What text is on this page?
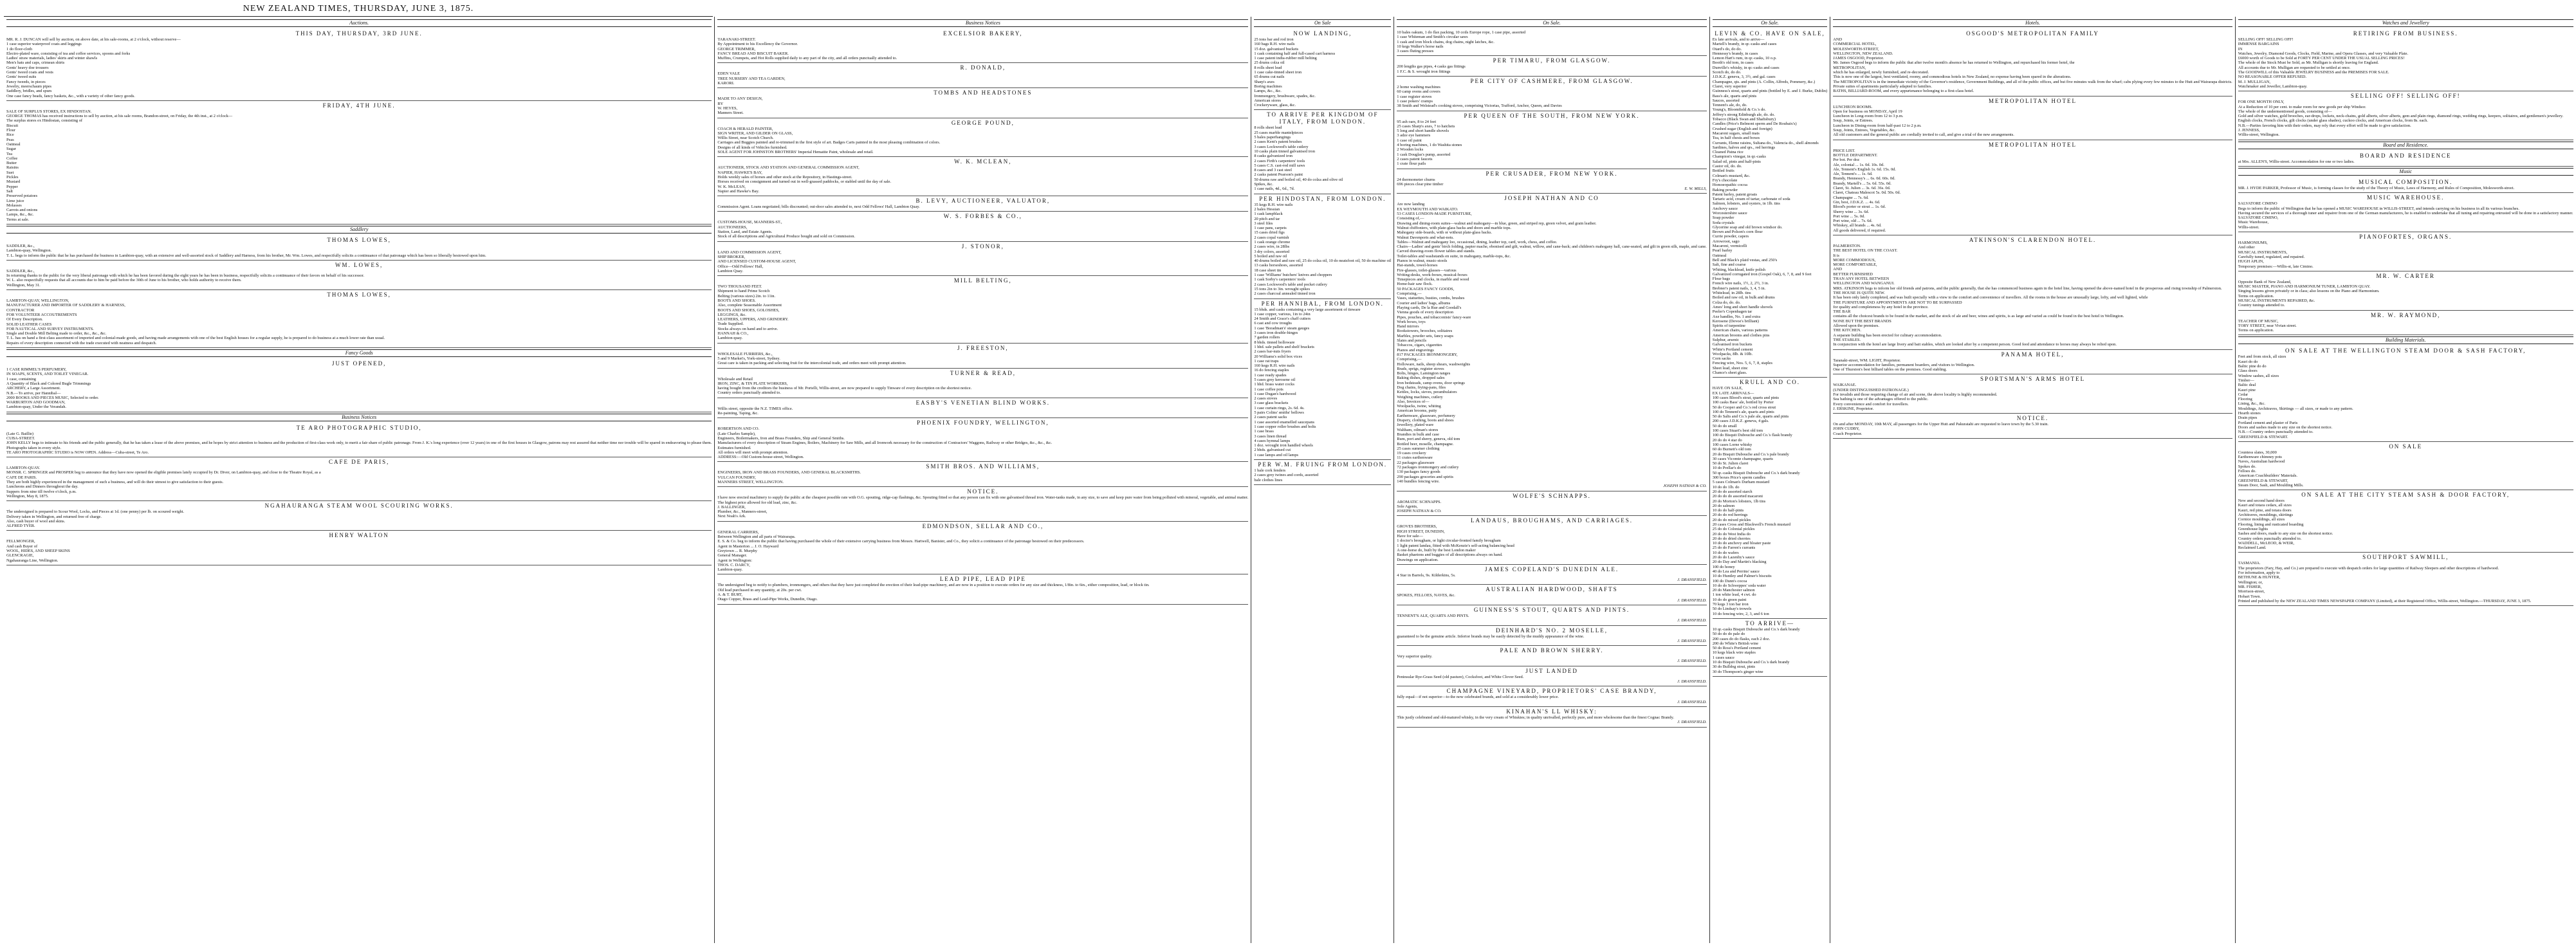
NEW ZEALAND TIMES, THURSDAY, JUNE 3, 1875.
Auctions.
THIS DAY, THURSDAY, 3RD JUNE.

MR. R. J. DUNCAN will sell by auction, on above date, at his sale-rooms, at 2 o'clock, without reserve—

1 case superior waterproof coats and leggings

1 do floor-cloth

Electro-plated ware, consisting of tea and coffee services, spoons and forks

Ladies' straw materials, ladies' skirts and winter shawls

Men's hats and caps, crimean shirts

Gents' heavy doe trousers

Gents' tweed coats and vests

Gents' tweed suits

Fancy tweeds, in pieces

Jewelry, meerschaum pipes

Saddlery, bridles, and spurs

One case fancy beads, fancy baskets, &c., with a variety of other fancy goods.

FRIDAY, 4TH JUNE.

SALE OF SURPLUS STORES, EX HINDOSTAN.

GEORGE THOMAS has received instructions to sell by auction, at his sale rooms, Brandon-street, on Friday, the 4th inst., at 2 o'clock—

The surplus stores ex Hindostan, consisting of

Biscuit

Flour

Rice

Peas

Oatmeal

Sugar

Tea

Coffee

Butter

Raisins

Suet

Pickles

Mustard

Pepper

Salt

Preserved potatoes

Lime juice

Molasses

Carrots and onions

Lamps, &c., &c.

Terms at sale.

Saddlery
THOMAS LOWES,

SADDLER, &c.,

Lambton-quay, Wellington.

T. L. begs to inform the public that he has purchased the business in Lambton-quay, with an extensive and well-assorted stock of Saddlery and Harness, from his brother, Mr. Wm. Lowes, and respectfully solicits a continuance of that patronage which has been so liberally bestowed upon him.

WM. LOWES,

SADDLER, &c.,

In returning thanks to the public for the very liberal patronage with which he has been favored during the eight years he has been in business, respectfully solicits a continuance of their favors on behalf of his successor.

W. L. also respectfully requests that all accounts due to him be paid before the 30th of June to his brother, who holds authority to receive them.

Wellington, May 31.

THOMAS LOWES,

LAMBTON-QUAY, WELLINGTON,

MANUFACTURER AND IMPORTER OF SADDLERY & HARNESS,

CONTRACTOR

FOR VOLUNTEER ACCOUTREMENTS

Of Every Description.

SOLID LEATHER CASES

FOR NAUTICAL AND SURVEY INSTRUMENTS.

Single and Double Mill Belting made to order, &c., &c., &c.

T. L. has on hand a first-class assortment of imported and colonial-made goods, and having made arrangements with one of the best English houses for a regular supply, he is prepared to do business at a much lower rate than usual.

Repairs of every description connected with the trade executed with neatness and despatch.

Fancy Goods
JUST OPENED,

1 CASE RIMMEL'S PERFUMERY,

IN SOAPS, SCENTS, AND TOILET VINEGAR.

1 case, containing

A Quantity of Black and Colored Bugle Trimmings

ARCHERY, a Large Assortment.

N.B.—To arrive, per Hannibal—

2000 BOOKS AND PIECES MUSIC, Selected to order.

WARBURTON AND GOODMAN,

Lambton-quay, Under the Verandah.

Business Notices
TE ARO PHOTOGRAPHIC STUDIO,

(Late G. Baillie)

CUBA-STREET.

JOHN KELLY begs to intimate to his friends and the public generally, that he has taken a lease of the above premises, and he hopes by strict attention to business and the production of first-class work only, to merit a fair share of public patronage. From J. K.'s long experience (over 12 years) in one of the first houses in Glasgow, patrons may rest assured that neither time nor trouble will be spared in endeavoring to please them.

Photographs taken in every style.

TE ARO PHOTOGRAPHIC STUDIO is NOW OPEN. Address—Cuba-street, Te Aro.

CAFE DE PARIS,

LAMBTON-QUAY.

MONSR. C. SPRINGER and PROSPER beg to announce that they have now opened the eligible premises lately occupied by Dr. Diver, on Lambton-quay, and close to the Theatre Royal, as a

CAFE DE PARIS.

They are both highly experienced in the management of such a business, and will do their utmost to give satisfaction to their guests.

Luncheons and Dinners throughout the day.

Suppers from nine till twelve o'clock, p.m.

Wellington, May 8, 1875.

NGAHAURANGA STEAM WOOL SCOURING WORKS.

The undersigned is prepared to Scour Wool, Locks, and Pieces at 1d. (one penny) per lb. on scoured weight.

Delivery taken in Wellington, and returned free of charge.

Also, cash buyer of wool and skins.

ALFRED TYER.

HENRY WALTON

FELLMONGER,

And cash Buyer of

WOOL, HIDES, AND SHEEP SKINS

GLENCRAGIE,

Ngahauranga Line, Wellington.

Business Notices
EXCELSIOR BAKERY,

TARANAKI-STREET.

By Appointment to his Excellency the Governor.

GEORGE TRIMMER,

FANCY BREAD AND BISCUIT BAKER.

Muffins, Crumpets, and Hot Rolls supplied daily to any part of the city, and all orders punctually attended to.

R. DONALD,

EDEN VALE

TREE NURSERY AND TEA GARDEN,

KARORI.

TOMBS AND HEADSTONES

MADE TO ANY DESIGN,

BY

W. HEYES,

Manners Street.

GEORGE POUND,

COACH & HERALD PAINTER,

SIGN WRITER, AND GILDER ON GLASS,

Willis Street, near Scotch Church.

Carriages and Buggies painted and re-trimmed in the first style of art. Badges Carts painted in the most pleasing combination of colors.

Designs of all kinds of Vehicles furnished.

SOLE AGENT FOR JOHNSTON BROTHERS' Imperial Hematite Paint, wholesale and retail.

W. K. MCLEAN,

AUCTIONEER, STOCK AND STATION AND GENERAL COMMISSION AGENT,

NAPIER, HAWKE'S BAY,

Holds weekly sales of horses and other stock at the Repository, in Hastings-street.

Horses received on consignment and turned out in well-grassed paddocks, or stabled until the day of sale.

W. K. McLEAN,

Napier and Hawke's Bay.

B. LEVY, AUCTIONEER, VALUATOR,

Commission Agent. Loans negotiated; bills discounted; out-door sales attended to, next Odd Fellows' Hall, Lambton Quay.

W. S. FORBES & CO.,

CUSTOMS-HOUSE, MANNERS-ST.,

AUCTIONEERS,

Station, Land, and Estate Agents.

Stock of all descriptions and Agricultural Produce bought and sold on Commission.

J. STONOR,

LAND AND COMMISSION AGENT,

SHIP BROKER,

AND LICENSED CUSTOM-HOUSE AGENT,

Office—Odd Fellows' Hall,

Lambton Quay.

MILL BELTING,

TWO THOUSAND FEET.

Shipment to hand Prime Scotch

Belting (various sizes) 2in. to 11in.

BOOTS AND SHOES.

Also, complete Seasonable Assortment

BOOTS AND SHOES, GOLOSHES,

LEGGINGS, &c.

LEATHERS, UPPERS, AND GRINDERY.

Trade Supplied.

Stocks always on hand and to arrive.

HANNAH & CO.,

Lambton-quay.

J. FREESTON,

WHOLESALE FURRIERS, &c.,

5 and 9 Market's, York-street, Sydney.

Great care is taken in packing and selecting fruit for the intercolonial trade, and orders meet with prompt attention.

TURNER & READ,

Wholesale and Retail

IRON, ZINC, & TIN PLATE WORKERS,

having bought from the creditors the business of Mr. Portelli, Willis-street, are now prepared to supply Tinware of every description on the shortest notice.

Country orders punctually attended to.

EASBY'S VENETIAN BLIND WORKS.

Willis street, opposite the N.Z. TIMES office.

Re-painting, Taping, &c.

PHOENIX FOUNDRY, WELLINGTON,

ROBERTSON AND CO.

(Late Charles Sample),

Engineers, Boilermakers, Iron and Brass Founders, Ship and General Smiths.

Manufacturers of every description of Steam Engines, Boilers, Machinery for Saw Mills, and all Ironwork necessary for the construction of Contractors' Waggons, Railway or other Bridges, &c., &c., &c.

Estimates furnished.

All orders will meet with prompt attention.

ADDRESS:—Old Custom-house-street, Wellington.

SMITH BROS. AND WILLIAMS,

ENGINEERS, IRON AND BRASS FOUNDERS, AND GENERAL BLACKSMITHS.

VULCAN FOUNDRY,

MANNERS STREET, WELLINGTON.

NOTICE.

I have now erected machinery to supply the public at the cheapest possible rate with O.G. spouting, ridge-cap flashings, &c. Spouting fitted so that any person can fix with one galvanised thread iron. Water-tanks made, in any size, to save and keep pure water from being polluted with mineral, vegetable, and animal matter.

The highest price allowed for old lead, zinc, &c.

J. BALLINGER,

Plumber, &c., Manners-street,

Next Noah's Ark.

EDMONDSON, SELLAR AND CO.,

GENERAL CARRIERS,

Between Wellington and all parts of Wairarapa.

E. S. & Co. beg to inform the public that having purchased the whole of their extensive carrying business from Messrs. Hartwell, Banister, and Co., they solicit a continuance of the patronage bestowed on their predecessors.

Agent in Masterton ... J. O. Hayward

Greytown ... R. Murphy

General Manager.

Agent in Wellington:

THOS. C. DARCY,

Lambton-quay.

LEAD PIPE, LEAD PIPE

The undersigned beg to notify to plumbers, ironmongers, and others that they have just completed the erection of their lead-pipe machinery, and are now in a position to execute orders for any size and thickness, 1/8in. to 6in., either composition, lead, or block tin.

Old lead purchased in any quantity, at 20s. per cwt.

A. & T. BURT,

Otago Copper, Brass and Lead-Pipe Works, Dunedin, Otago.

On Sale
NOW LANDING,

25 tons bar and rod iron

160 bags R.H. wire nails

15 doz. galvanised buckets

1 cask containing half and full-cased cart harness

1 case patent india-rubber mill belting

25 drums colza oil

8 rolls sheet lead

1 case cake-tinned sheet iron

65 drums cut nails

Sharp's axes

Boring machines

Lamps, &c., &c.

Ironmongery, brushware, spades, &c.

American stores

Crockeryware, glass, &c.

TO ARRIVE PER KINGDOM OF ITALY, FROM LONDON.

8 rolls sheet lead

25 cases marble mantelpieces

5 bales paperhangings

2 cases Kent's patent brushes

3 cases Lockwood's table cutlery

10 casks plain tinned galvanised iron

8 casks galvanized iron

2 cases Firth's carpenters' tools

5 cases C.S. cast-rod mill saws

8 cases and 3 cast steel

2 casks patent Pearson's paint

50 drums raw and boiled oil, 40 do colza and olive oil

Spikes, &c.

1 case nails, 4d., 6d., 7d.

PER HINDOSTAN, FROM LONDON.

35 kegs R.H. wire nails

2 bales Hessian

1 cask lampblack

20 pitch and tar

3 steel files

1 case pans, carpets

15 cases dried figs

2 cases copal varnish

1 cask orange chrome

2 cases wire, in 28lbs

3 dry colors, assorted

5 boiled and raw oil

40 drums boiled and raw oil, 25 do colza oil, 10 do neatsfoot oil, 50 do machine oil

13 casks horseshoes, assorted

18 case sheet tin

1 case 'Williams' butchers' knives and choppers

1 cask Sorby's carpenters' tools

2 cases Lockwood's table and pocket cutlery

15 tons 2in to 3in. wrought spikes

2 cases charcoal annealed tinned iron

PER HANNIBAL, FROM LONDON.

15 bhds. and casks containing a very large assortment of tinware

1 case copper, various, 1in to 24in

24 Smith and Grace's chaff cutters

6 cast and cow troughs

1 case 'Boradman's' steam gauges

3 cases iron double-hinges

7 garden rollers

8 bhds. tinned holloware

1 hhd. sale pallets and shelf brackets

2 cases bar-nuts fryers

20 Williams's solid box vices

1 case rat traps

160 kegs R.H. wire nails

16 do fencing staples

1 case ready spades

5 cases grey kerosene oil

1 hhd. brass water cocks

1 case coffee pots

1 case Dugan's hardwood

2 cases stoves

3 case glass brackets

1 case curtain rings, 2s. 6d. 4s.

5 pairs Colins' smiths' bellows

2 cases patent sacks

1 case assorted enamelled saucepans

1 case copper roller brushes and bolts

1 case brass

3 cases linen thread

4 cases hymnal lamps

1 doz. wrought iron handled wheels

2 bhds. galvanised cut

1 case lamps and oil lamps

PER W.M. FRUING FROM LONDON.

1 bale cork fenders

2 cases grey twines and cords, assorted

bale clothes lines

On Sale.

10 bales oakum, 1 do flax packing, 10 coils Europe rope, 1 case pipe, assorted

1 case Whiteman and Smith's circular saws

1 cask and iron block chains, dog chains, night latches, &c.

10 kegs Walker's horse nails

3 cases fluting presses

PER TIMARU, FROM GLASGOW.

200 lengths gas pipes, 4 casks gas fittings

1 F.C. & S. wrought iron fittings

PER CITY OF CASHMERE, FROM GLASGOW.

2 home washing machines

60 camp ovens and covers

1 case register stoves

1 case pokers' cramps

38 Smith and Welstead's cooking stoves, comprising Victorias, Trafford, Anchor, Queen, and Davies

PER QUEEN OF THE SOUTH, FROM NEW YORK.

95 ash oars, 8 to 24 feet

25 cases Sharp's axes, 7 to hatchets

5 long and short handle shovels

3 adze eye hammers

1 case oil paint

4 boring machines, 1 do Washita stones

2 Wooden locks

1 cask Douglas's pump, assorted

2 cases patent faucets

1 crate flour pails

PER CRUSADER, FROM NEW YORK.

24 thermometer churns

696 pieces clear pine timber

E. W. MILLS,
JOSEPH NATHAN AND CO

Are now landing

EX WEYMOUTH AND WAIKATO.

53 CASES LONDON-MADE FURNITURE,

Consisting of,—

Drawing and dining-room suites—walnut and mahogany—in blue, green, and striped rep, green velvet, and grain leather.

Walnut chiffoniers, with plate-glass backs and doors and marble tops.

Mahogany side-boards, with or without plate-glass backs.

Walnut Davenports and what-nots.

Tables—Walnut and mahogany loo, occasional, dining, leather top, card, work, chess, and coffee.

Chairs—Ladies' and gents' birch folding, papier mache, ebonised and gilt, walnut, willow, and cane-back; and children's mahogany hall, cane-seated, and gilt in green silk, maple, and cane.

Carved drawing-room flower tables and stands.

Toilet-tables and washstands en suite, in mahogany, marble-tops, &c.

Pianos in walnut, music-stools

Hat-stands, towel-horses

Fire-glasses, toilet-glasses—various

Writing-desks, work-boxes, musical-boxes

Timepieces and clocks, in marble and wood

Home-hair saw flock.

50 PACKAGES FANCY GOODS,

Comprising,—

Vases, statuettes, busties, combs, brushes

Courier and ladies' bags, albums

Playing cards, De la Rue and Goodall's

Vienna goods of every description

Pipes, pouches, and tobacconists' fancy-ware

Work boxes, toys

Hand mirrors

Bookstowers, brooches, solitaires

Marbles, powder sets, fancy soaps

Slates and pencils

Tobaccos, cigars, cigarettes

Pianos and engravings

817 PACKAGES IRONMONGERY,

Comprising,—

Holloware, nails, sheep shears, washweights

Brads, sprigs, register stoves

Bolts, hinges, Lamington ranges

Baking dishes, dropped sales

Iron bedsteads, camp ovens, door springs

Dog chains, frying-pans, files

Kettles, locks, sieves, perambulators

Weighing machines, cutlery

Also, Invoices of—

Woolpacks, twine, whiting

American brooms, putty

Earthenware, glassware, perfumery

Drapery, clothing, boots and shoes

Jewellery, plated ware

Waltham, oilman's stores

Brandies in bulk and case

Rum, port and sherry, geneva, old tom

Bottled beer, moselle, champagne.

25 cases summer clothing

19 cases crockery

11 crates earthenware

22 packages glassware

72 packages ironmongery and cutlery

130 packages fancy goods

290 packages groceries and spirits

140 bundles fencing wire.

JOSEPH NATHAN & CO.
WOLFE'S SCHNAPPS.

AROMATIC SCHNAPPS.

Sole Agents,

JOSEPH NATHAN & CO.

LANDAUS, BROUGHAMS, AND CARRIAGES.

GROVES BROTHERS,

HIGH STREET, DUNEDIN,

Have for sale—

1 doctor's brougham, or light circular-fronted family brougham

1 light patent landau, fitted with McKenzie's self-acting balancing head

A one-horse do, built by the best London maker

Basket phaetons and buggies of all descriptions always on hand.

Drawings on application.

JAMES COPELAND'S DUNEDIN ALE.

4 Star in Barrels, 9s. Kilderkins, 5s.

J. DRANSFIELD.
AUSTRALIAN HARDWOOD, SHAFTS

SPOKES, FELLOES, NAVES, &c.

J. DRANSFIELD.
GUINNESS'S STOUT, QUARTS AND PINTS.

TENNENT'S ALE, QUARTS AND PINTS.

J. DRANSFIELD.
DEINHARD'S NO. 2 MOSELLE,

guaranteed to be the genuine article. Inferior brands may be easily detected by the muddy appearance of the wine.

J. DRANSFIELD.
PALE AND BROWN SHERRY.

Very superior quality.

J. DRANSFIELD.
JUST LANDED

Peninsular Rye-Grass Seed (old pasture), Cocksfoot, and White Clover Seed.

J. DRANSFIELD.
CHAMPAGNE VINEYARD, PROPRIETORS' CASE BRANDY,

fully equal—if not superior—to the now celebrated brands, and sold at a considerably lower price.

J. DRANSFIELD.
KINAHAN'S LL WHISKY:

This justly celebrated and old-matured whisky, in the very cream of Whiskies; in quality unrivalled, perfectly pure, and more wholesome than the finest Cognac Brandy.

J. DRANSFIELD.
On Sale.
LEVIN & CO. HAVE ON SALE,

Ex late arrivals, and to arrive—

Martell's brandy, in qr.-casks and cases

Otard's do, do do.

Hennessy's brandy, in cases

Lemon Hart's rum, in qr.-casks, 10 o.p.

Booth's old tom, in cases

Dunville's whisky, in qr.-casks and cases

Scotch do, do do.

J.D.K.Z. geneva, 3, 3½, and gal. cases

Champagne, qts. and pints (A. Collin, Alfreds, Pommery, &c.)

Claret, very superior

Guinness's stout, quarts and pints (bottled by E. and J. Burke, Dublin)

Bass's ale, quarts and pints

Sauces, assorted

Tennent's ale, do, do.

Young's, Bloomfield & Co.'s do.

Jeffrey's strong Edinburgh ale, do. do.

Tobacco (Black Swan and Shaftsbury)

Candles (Price's Belmont sperm and De Roubaix's)

Crushed sugar (English and foreign)

Macaroni sugars, small mats

Tea, in half chests and boxes

Currants, Eleme raisins, Sultana do., Valencia do., shell almonds

Sardines, halves and qrs., red herrings

Cleaned Patna rice

Champion's vinegar, in qr.-casks

Salad oil, pints and half-pints

Castor oil, do. do.

Bottled fruits

Colman's mustard, &c.

Fry's chocolate

Homoeopathic cocoa

Baking powder

Patent barley, patent groats

Tartaric acid, cream of tartar, carbonate of soda

Salmon, lobsters, and oysters, in 1lb. tins

Anchovy sauce

Worcestershire sauce

Soap powder

Soda crystals

Glycerine soap and old brown windsor do.

Brown and Polson's corn flour

Currie powder, capers

Arrowroot, sago

Macaroni, vermicelli

Pearl barley

Oatmeal

Bell and Black's plaid vestas, and 250's

Salt, fine and coarse

Whiting, blacklead, knife polish

Galvanized corrugated iron (Gospel Oak), 6, 7, 8, and 9 feet

Flour bags

French wire nails, 1½, 2, 2½, 3 in.

Brebner's patent nails, 3, 4, 5 in.

Whitelead, in 28lb. tins

Boiled and raw oil, in bulk and drums

Colza do, do. do.

Ames' long and short handle shovels

Peeler's Copenhagen tar

Axe handles, No. 1 and extra

Kerosene (Devoe's brilliant)

Spirits of turpentine

American chairs, various patterns

American brooms and clothes pins

Sulphur, arsenic

Galvanised iron buckets

White's Portland cement

Woolpacks, 8lb. & 10lb.

Corn sacks

Fencing wire, Nos. 5, 6, 7, 8, staples

Sheet lead, sheet zinc

Chance's sheet glass.

KRULL AND CO.

HAVE ON SALE,

EX LATE ARRIVALS—

100 cases Blood's stout, quarts and pints

100 casks Bass' ale, bottled by Porter

50 do Cooper and Co.'s red cross stout

100 do Tennent's ale, quarts and pints

50 do Salts and Co.'s pale ale, quarts and pints

200 cases J.D.K.Z. geneva, 4 gals.

50 do do small

100 cases Stuart's best old tom

100 do Bisquit Dubouche and Co.'s flask brandy

20 do do 4 star do

100 cases Lorne whisky

60 do Burnett's old tom

20 do Bisquit Dubouche and Co.'s pale brandy

30 cases Vicomte champagne, quarts

50 do St. Julien claret

10 do Prellar's do

50 qr.-casks Bisquit Dubouche and Co.'s dark brandy

300 boxes Price's sperm candles

5 cases Colman's Durham mustard

10 do do 1lb. do

20 do do assorted starch

20 do do do assorted macaroni

20 do Morton's lobsters, 1lb tins

20 do salmon

10 do do half-pints

20 do do red herrings

20 do do mixed pickles

20 cases Cross and Blackwell's French mustard

25 do do Colonial pickles

20 do do West India do

20 do do dried cherries

10 do do anchovy and bloater paste

25 do do Farren's currants

10 do do wafers

20 do do Lazenby's sauce

20 do Day and Martin's blacking

100 do honey

40 do Lea and Perrins' sauce

10 do Huntley and Palmer's biscuits

100 do Dunn's cocoa

10 do do Schweppes' soda water

20 do Manchester salmon

1 ton white lead, 4 cwt. do

10 do do green paint

70 kegs 3 ton bar iron

50 do Lindsay's trowels

10 do fencing wire, 2, 3, and 6 ton

TO ARRIVE—

10 qr.-casks Bisquit Dubouche and Co.'s dark brandy

50 do do do pale do

200 cases do do flasks, each 2 doz.

200 do White's British wine

50 do Ross's Portland cement

10 kegs black wire staples

1 cases sauce

10 do Bisquit Dubouche and Co.'s dark brandy

30 do Bulldog stout, pints

30 do Thompson's ginger wine

Hotels.
OSGOOD'S METROPOLITAN FAMILY

AND

COMMERCIAL HOTEL,

MOLESWORTH-STREET,

WELLINGTON, NEW ZEALAND.

JAMES OSGOOD, Proprietor.

Mr. James Osgood begs to inform the public that after twelve month's absence he has returned to Wellington, and repurchased his former hotel, the

METROPOLITAN,

which he has enlarged, newly furnished, and re-decorated.

This is now one of the largest, best ventilated, roomy, and commodious hotels in New Zealand, no expense having been spared in the alterations.

The METROPOLITAN is in the immediate vicinity of the Governor's residence, Government Buildings, and all of the public offices, and but five minutes walk from the wharf; cabs plying every few minutes to the Hutt and Wairarapa districts.

Private suites of apartments particularly adapted to families.

BATHS, BILLIARD-ROOM, and every appurtenance belonging to a first-class hotel.

METROPOLITAN HOTEL

LUNCHEON ROOMS.

Open for business on MONDAY, April 19

Luncheon in Long-room from 12 to 3 p.m.

Soup, Joints, or Entrees.

Luncheon in Dining-room from half-past 12 to 2 p.m.

Soup, Joints, Entrees, Vegetables, &c.

All old customers and the general public are cordially invited to call, and give a trial of the new arrangements.

METROPOLITAN HOTEL

PRICE LIST.

BOTTLE DEPARTMENT.

Per bot. Per doz

Ale, colonial ... 1s. 0d. 10s. 0d.

Ale, Tennent's English 1s. 6d. 15s. 0d.

Ale, Tennent's ... 1s. 6d.

Brandy, Hennessy's ... 6s. 0d. 60s. 0d.

Brandy, Martell's ... 5s. 6d. 55s. 0d.

Claret, St. Julien ... 3s. 6d. 36s. 0d.

Claret, Chateau Malescot 5s. 0d. 50s. 0d.

Champagne ... 7s. 6d.

Gin, best, J.D.K.Z. ... 4s. 6d.

Blood's porter or stout ... 1s. 6d.

Sherry wine ... 3s. 6d.

Port wine ... 5s. 0d.

Port wine, old ... 7s. 6d.

Whiskey, all brands ... 4s. 6d.

All goods delivered, if required.

ATKINSON'S CLARENDON HOTEL.

PALMERSTON.

THE BEST HOTEL ON THE COAST.

It is

MORE COMMODIOUS,

MORE COMFORTABLE,

AND

BETTER FURNISHED

THAN ANY HOTEL BETWEEN

WELLINGTON AND WANGANUI.

MRS. ATKINSON begs to inform her old friends and patrons, and the public generally, that she has commenced business again in the hotel line, having opened the above-named hotel in the prosperous and rising township of Palmerston.

THE HOUSE IS QUITE NEW.

It has been only lately completed, and was built specially with a view to the comfort and convenience of travellers. All the rooms in the house are unusually large, lofty, and well lighted, while

THE FURNITURE AND APPOINTMENTS ARE NOT TO BE SURPASSED

for quality and completeness by any hotel in the province.

THE BAR

contains all the choicest brands to be found in the market, and the stock of ale and beer, wines and spirits, is as large and varied as could be found in the best hotel in Wellington.

NONE BUT THE BEST BRANDS

Allowed upon the premises.

THE KITCHEN.

A separate building has been erected for culinary accommodation.

THE STABLES.

In conjunction with the hotel are large livery and bait stables, which are looked after by a competent person. Good feed and attendance to horses may always be relied upon.

PANAMA HOTEL,

Taranaki-street, WM. LIGHT, Proprietor.

Superior accommodation for families, permanent boarders, and visitors to Wellington.

One of Thurston's best billiard tables on the premises. Good stabling.

SPORTSMAN'S ARMS HOTEL

WAIKANAE.

(UNDER DISTINGUISHED PATRONAGE.)

For invalids and those requiring change of air and scene, the above locality is highly recommended.

Sea bathing is one of the advantages offered to the public.

Every convenience and comfort for travellers.

J. ERSKINE, Proprietor.

NOTICE.

On and after MONDAY, 10th MAY, all passengers for the Upper Hutt and Pakuratahi are requested to leave town by the 5.30 train.

JOHN CUDBY,

Coach Proprietor.

Watches and Jewellery
RETIRING FROM BUSINESS.

SELLING OFF! SELLING OFF!

IMMENSE BARGAINS

IN

Watches, Jewelry, Diamond Goods, Clocks, Field, Marine, and Opera Glasses, and very Valuable Plate.

£6000 worth of Goods to be Sold at FORTY PER CENT UNDER THE USUAL SELLING PRICES!

The whole of the Stock Must be Sold, as Mr. Mulligan is shortly leaving for England.

All accounts due to Mr. Mulligan are requested to be settled at once.

The GOODWILL of this Valuable JEWELRY BUSINESS and the PREMISES FOR SALE.

NO REASONABLE OFFER REFUSED.

M. J. MULLIGAN,

Watchmaker and Jeweller, Lambton-quay.

SELLING OFF! SELLING OFF!

FOR ONE MONTH ONLY,

At a Reduction of 10 per cent. to make room for new goods per ship Windsor.

The whole of the undermentioned goods, consisting of—

Gold and silver watches, gold brooches, ear-drops, lockets, neck-chains, gold alberts, silver alberts, gem and plain rings, diamond rings, wedding rings, keepers, solitaires, and gentlemen's jewellery.

English clocks, French clocks, gilt clocks (under glass shades), cuckoo clocks, and American clocks, from 8s. each.

N.B.—Parties favoring him with their orders, may rely that every effort will be made to give satisfaction.

J. JENNESS,

Willis-street, Wellington.

Board and Residence.
BOARD AND RESIDENCE

at Mrs. ALLEN'S, Willis-street. Accommodation for one or two ladies.

Music
MUSICAL COMPOSITION.

MR. J. HYDE PARKER, Professor of Music, is forming classes for the study of the Theory of Music, Laws of Harmony, and Rules of Composition, Molesworth-street.

MUSIC WAREHOUSE.

SALVATORE CIMINO

Begs to inform the public of Wellington that he has opened a MUSIC WAREHOUSE in WILLIS-STREET, and intends carrying on his business in all its various branches.

Having secured the services of a thorough tuner and repairer from one of the German manufacturers, he is enabled to undertake that all tuning and repairing entrusted will be done in a satisfactory manner.

SALVATORE CIMINO,

Music Warehouse,

Willis-street.

PIANOFORTES, ORGANS.

HARMONIUMS,

And other

MUSICAL INSTRUMENTS,

Carefully tuned, regulated, and repaired.

HUGH APLIN,

Temporary premises:—Willis-st, late Cimino.

MR. W. CARTER

Opposite Bank of New Zealand,

MUSIC MASTER, PIANO AND HARMONIUM TUNER, LAMBTON QUAY.

Singing lessons given privately or in class; also lessons on the Piano and Harmonium.

Terms on application.

MUSICAL INSTRUMENTS REPAIRED, &c.

Country tunings attended to.

MR. W. RAYMOND,

TEACHER OF MUSIC,

TORY STREET, near Vivian street.

Terms on application.

Building Materials.
ON SALE AT THE WELLINGTON STEAM DOOR & SASH FACTORY,

Feet and from stock, all sizes

Kauri do do

Baltic pine do do

Glass doors

Window sashes, all sizes

Timber—

Baltic deal

Kauri pine

Cedar

Flooring

Lining, &c., &c.

Mouldings, Architraves, Skirtings — all sizes, or made to any pattern.

Hearth stones

Drain pipes

Portland cement and plaster of Paris

Doors and sashes made to any size on the shortest notice.

N.B.—Country orders punctually attended to.

GREENFIELD & STEWART.

ON SALE

Countess slates, 30,000

Earthenware chimney pots

Naves, Australian hardwood

Spokes do.

Felloes do.

American Coachbuilders' Materials.

GREENFIELD & STEWART,

Steam Door, Sash, and Moulding Mills.

ON SALE AT THE CITY STEAM SASH & DOOR FACTORY,

New and second hand doors

Kauri and totara cedars, all sizes

Kauri, red pine, and totara doors

Architraves, mouldings, skirtings

Cornice mouldings, all sizes

Flooring, lining and rusticated boarding

Greenhouse lights

Sashes and doors, made to any size on the shortest notice.

Country orders punctually attended to.

WADDELL, McLEOD, & WEIR,

Reclaimed Land.

SOUTHPORT SAWMILL,

TASMANIA.

The proprietors (Fary, Hay, and Co.) are prepared to execute with despatch orders for large quantities of Railway Sleepers and other descriptions of hardwood.

For information, apply to

BETHUNE & HUNTER,

Wellington; or,

MR. FISHER,

Morrison-street,

Hobart Town.

Printed and published by the NEW ZEALAND TIMES NEWSPAPER COMPANY (Limited), at their Registered Office, Willis-street, Wellington.—THURSDAY, JUNE 3, 1875.
